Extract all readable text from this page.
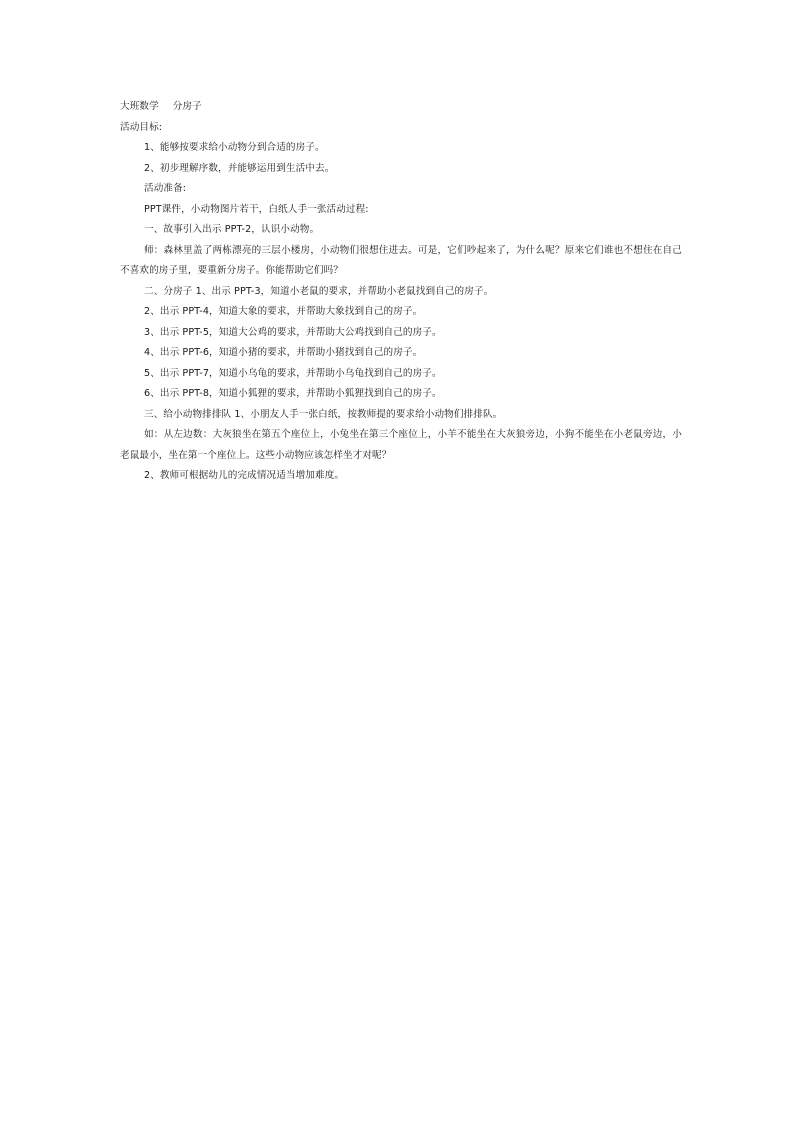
大班数学 分房子

活动目标:

1、能够按要求给小动物分到合适的房子。

2、初步理解序数，并能够运用到生活中去。

活动准备:

PPT课件，小动物图片若干，白纸人手一张活动过程:

一、故事引入出示 PPT-2，认识小动物。

师：森林里盖了两栋漂亮的三层小楼房，小动物们很想住进去。可是，它们吵起来了，为什么呢？原来它们谁也不想住在自己不喜欢的房子里，要重新分房子。你能帮助它们吗？

二、分房子 1、出示 PPT-3，知道小老鼠的要求，并帮助小老鼠找到自己的房子。

2、出示 PPT-4，知道大象的要求，并帮助大象找到自己的房子。

3、出示 PPT-5，知道大公鸡的要求，并帮助大公鸡找到自己的房子。

4、出示 PPT-6，知道小猪的要求，并帮助小猪找到自己的房子。

5、出示 PPT-7，知道小乌龟的要求，并帮助小乌龟找到自己的房子。

6、出示 PPT-8，知道小狐狸的要求，并帮助小狐狸找到自己的房子。

三、给小动物排排队 1、小朋友人手一张白纸，按教师提的要求给小动物们排排队。

如：从左边数：大灰狼坐在第五个座位上，小兔坐在第三个座位上，小羊不能坐在大灰狼旁边，小狗不能坐在小老鼠旁边，小老鼠最小，坐在第一个座位上。这些小动物应该怎样坐才对呢？

2、教师可根据幼儿的完成情况适当增加难度。
